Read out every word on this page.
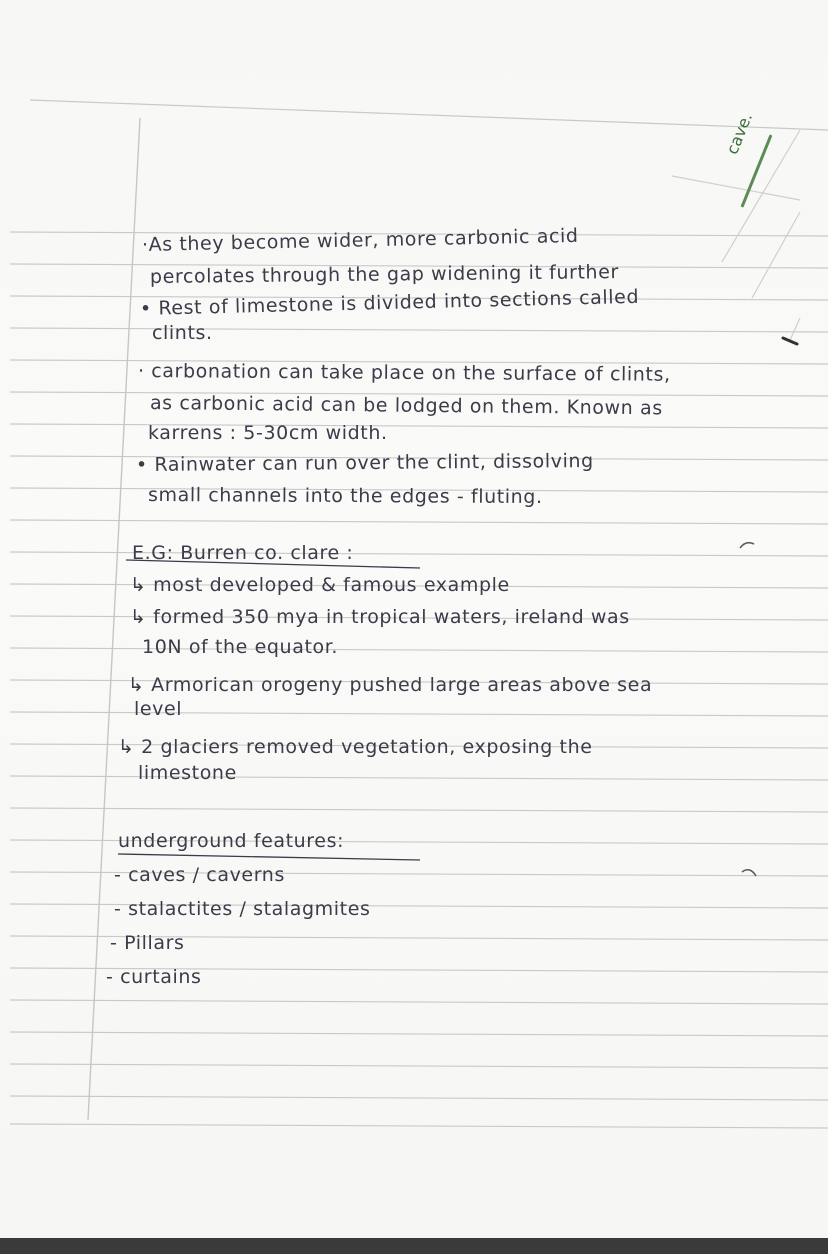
cave.
·As they become wider, more carbonic acid
percolates through the gap widening it further
• Rest of limestone is divided into sections called
clints.
· carbonation can take place on the surface of clints,
as carbonic acid can be lodged on them. Known as
karrens : 5-30cm width.
• Rainwater can run over the clint, dissolving
small channels into the edges - fluting.
E.G: Burren co. clare :
↳ most developed & famous example
↳ formed 350 mya in tropical waters, ireland was
10N of the equator.
↳ Armorican orogeny pushed large areas above sea
level
↳ 2 glaciers removed vegetation, exposing the
limestone
underground features:
- caves / caverns
- stalactites / stalagmites
- Pillars
- curtains
